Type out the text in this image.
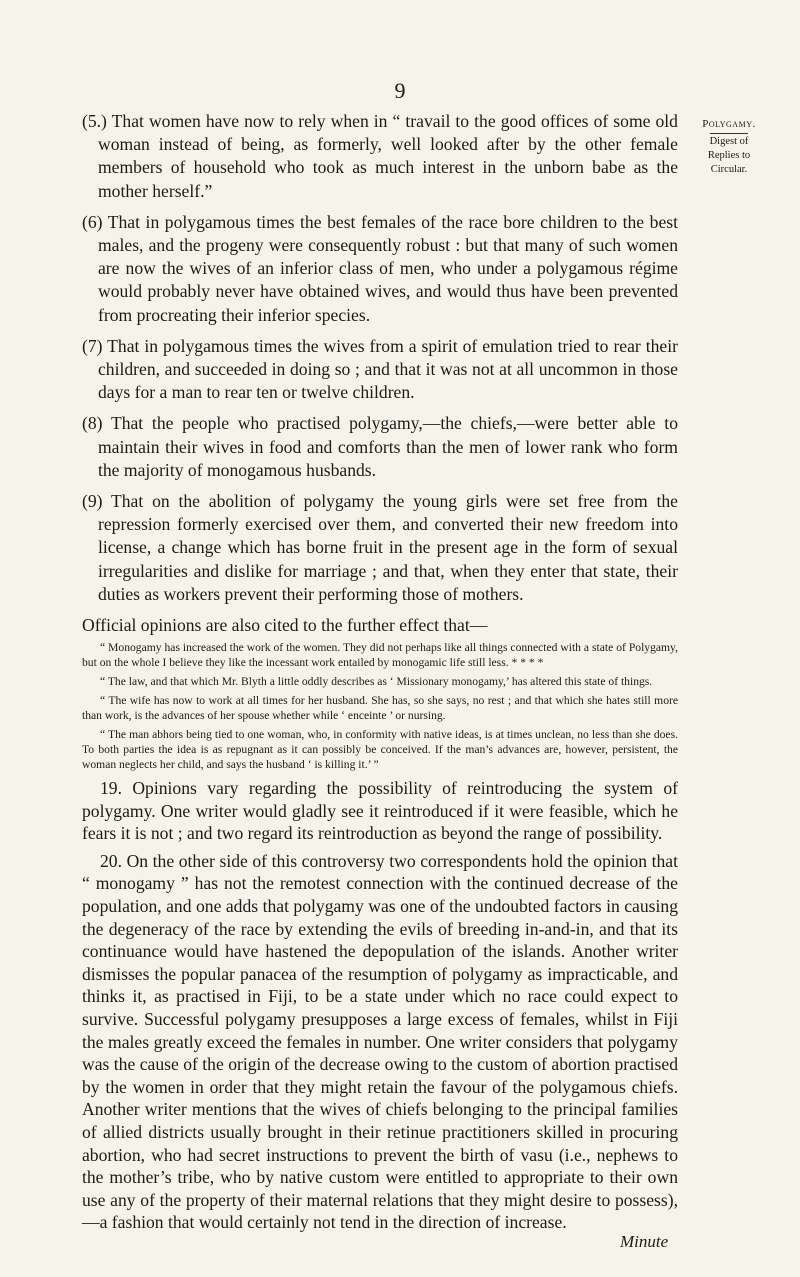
9
Polygamy.
Digest of
Replies to
Circular.

(5.) That women have now to rely when in “ travail to the good offices of some old woman instead of being, as formerly, well looked after by the other female members of household who took as much interest in the unborn babe as the mother herself.”

(6) That in polygamous times the best females of the race bore children to the best males, and the progeny were consequently robust : but that many of such women are now the wives of an inferior class of men, who under a polygamous régime would probably never have obtained wives, and would thus have been prevented from procreating their inferior species.

(7) That in polygamous times the wives from a spirit of emulation tried to rear their children, and succeeded in doing so ; and that it was not at all uncommon in those days for a man to rear ten or twelve children.

(8) That the people who practised polygamy,—the chiefs,—were better able to maintain their wives in food and comforts than the men of lower rank who form the majority of monogamous husbands.

(9) That on the abolition of polygamy the young girls were set free from the repression formerly exercised over them, and converted their new freedom into license, a change which has borne fruit in the present age in the form of sexual irregularities and dislike for marriage ; and that, when they enter that state, their duties as workers prevent their performing those of mothers.

Official opinions are also cited to the further effect that—

“ Monogamy has increased the work of the women. They did not perhaps like all things connected with a state of Polygamy, but on the whole I believe they like the incessant work entailed by monogamic life still less. * * * *

“ The law, and that which Mr. Blyth a little oddly describes as ‘ Missionary monogamy,’ has altered this state of things.

“ The wife has now to work at all times for her husband. She has, so she says, no rest ; and that which she hates still more than work, is the advances of her spouse whether while ‘ enceinte ’ or nursing.

“ The man abhors being tied to one woman, who, in conformity with native ideas, is at times unclean, no less than she does. To both parties the idea is as repugnant as it can possibly be conceived. If the man’s advances are, however, persistent, the woman neglects her child, and says the husband ‘ is killing it.’ ”

19. Opinions vary regarding the possibility of reintroducing the system of polygamy. One writer would gladly see it reintroduced if it were feasible, which he fears it is not ; and two regard its reintroduction as beyond the range of possibility.

20. On the other side of this controversy two correspondents hold the opinion that “ monogamy ” has not the remotest connection with the continued decrease of the population, and one adds that polygamy was one of the undoubted factors in causing the degeneracy of the race by extending the evils of breeding in-and-in, and that its continuance would have hastened the depopulation of the islands. Another writer dismisses the popular panacea of the resumption of polygamy as impracticable, and thinks it, as practised in Fiji, to be a state under which no race could expect to survive. Successful polygamy presupposes a large excess of females, whilst in Fiji the males greatly exceed the females in number. One writer considers that polygamy was the cause of the origin of the decrease owing to the custom of abortion practised by the women in order that they might retain the favour of the polygamous chiefs. Another writer mentions that the wives of chiefs belonging to the principal families of allied districts usually brought in their retinue practitioners skilled in procuring abortion, who had secret instructions to prevent the birth of vasu (i.e., nephews to the mother’s tribe, who by native custom were entitled to appropriate to their own use any of the property of their maternal relations that they might desire to possess),—a fashion that would certainly not tend in the direction of increase.

Minute
